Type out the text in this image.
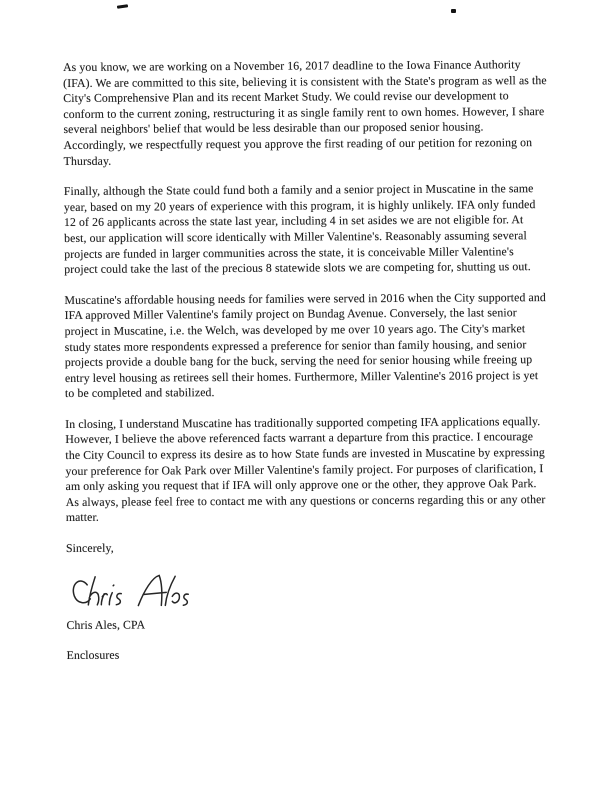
As you know, we are working on a November 16, 2017 deadline to the Iowa Finance Authority (IFA). We are committed to this site, believing it is consistent with the State's program as well as the City's Comprehensive Plan and its recent Market Study. We could revise our development to conform to the current zoning, restructuring it as single family rent to own homes. However, I share several neighbors' belief that would be less desirable than our proposed senior housing. Accordingly, we respectfully request you approve the first reading of our petition for rezoning on Thursday.

Finally, although the State could fund both a family and a senior project in Muscatine in the same year, based on my 20 years of experience with this program, it is highly unlikely. IFA only funded 12 of 26 applicants across the state last year, including 4 in set asides we are not eligible for. At best, our application will score identically with Miller Valentine's. Reasonably assuming several projects are funded in larger communities across the state, it is conceivable Miller Valentine's project could take the last of the precious 8 statewide slots we are competing for, shutting us out.

Muscatine's affordable housing needs for families were served in 2016 when the City supported and IFA approved Miller Valentine's family project on Bundag Avenue. Conversely, the last senior project in Muscatine, i.e. the Welch, was developed by me over 10 years ago. The City's market study states more respondents expressed a preference for senior than family housing, and senior projects provide a double bang for the buck, serving the need for senior housing while freeing up entry level housing as retirees sell their homes. Furthermore, Miller Valentine's 2016 project is yet to be completed and stabilized.

In closing, I understand Muscatine has traditionally supported competing IFA applications equally. However, I believe the above referenced facts warrant a departure from this practice. I encourage the City Council to express its desire as to how State funds are invested in Muscatine by expressing your preference for Oak Park over Miller Valentine's family project. For purposes of clarification, I am only asking you request that if IFA will only approve one or the other, they approve Oak Park. As always, please feel free to contact me with any questions or concerns regarding this or any other matter.

Sincerely,

Chris Ales, CPA

Enclosures
